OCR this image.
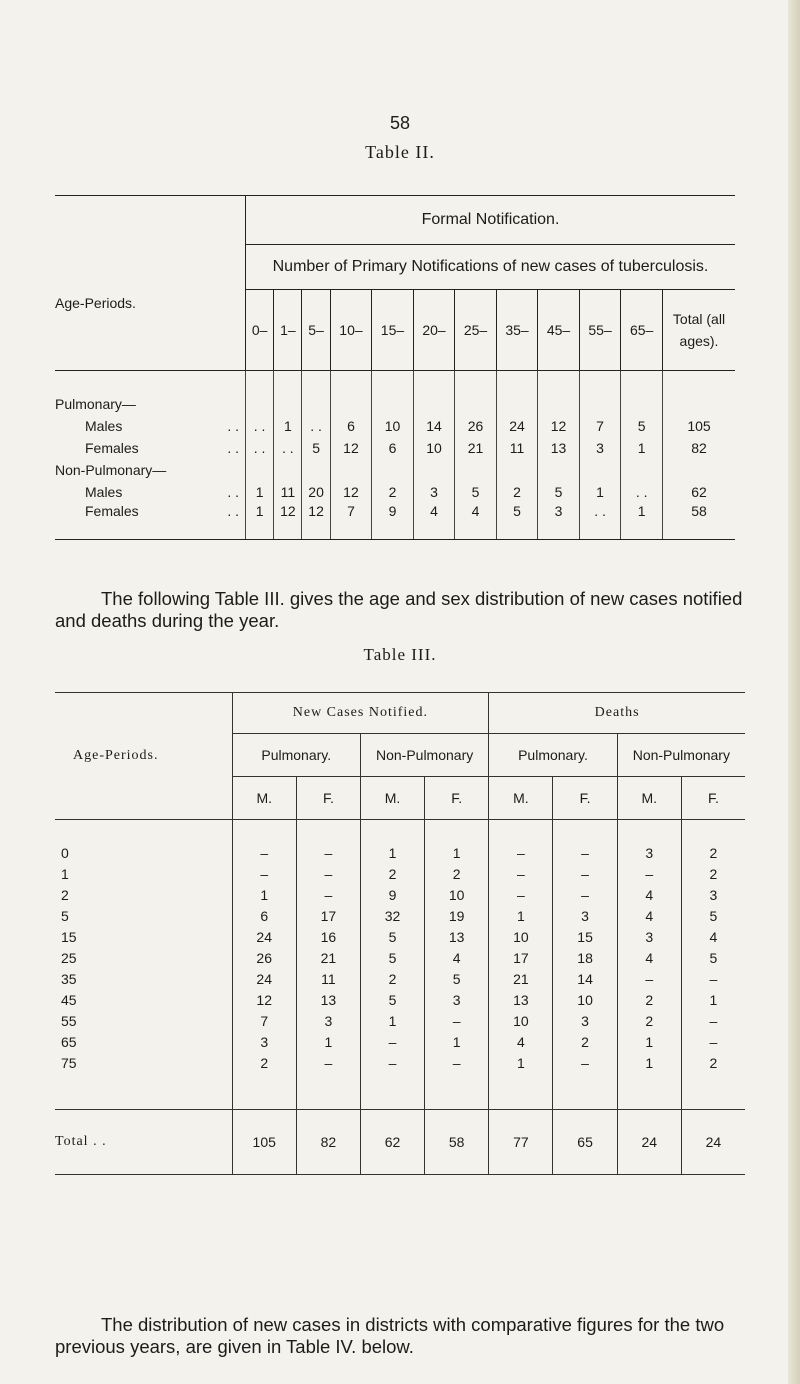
58
Table II.
Age-Periods.	Formal Notification.											
	Number of Primary Notifications of new cases of tuberculosis.											
	0–	1–	5–	10–	15–	20–	25–	35–	45–	55–	65–	Total (all ages).
Pulmonary—												
Males . .	. .	1	. .	6	10	14	26	24	12	7	5	105
Females . .	. .	. .	5	12	6	10	21	11	13	3	1	82
Non-Pulmonary—												
Males . .	1	11	20	12	2	3	5	2	5	1	. .	62
Females . .	1	12	12	7	9	4	4	5	3	. .	1	58
The following Table III. gives the age and sex distribution of new cases notified and deaths during the year.
Table III.
Age-Periods.	New Cases Notified.				Deaths			
	Pulmonary.		Non-Pulmonary		Pulmonary.		Non-Pulmonary	
	M.	F.	M.	F.	M.	F.	M.	F.
0	–	–	1	1	–	–	3	2
1	–	–	2	2	–	–	–	2
2	1	–	9	10	–	–	4	3
5	6	17	32	19	1	3	4	5
15	24	16	5	13	10	15	3	4
25	26	21	5	4	17	18	4	5
35	24	11	2	5	21	14	–	–
45	12	13	5	3	13	10	2	1
55	7	3	1	–	10	3	2	–
65	3	1	–	1	4	2	1	–
75	2	–	–	–	1	–	1	2

Total . .	105	82	62	58	77	65	24	24
The distribution of new cases in districts with comparative figures for the two previous years, are given in Table IV. below.
